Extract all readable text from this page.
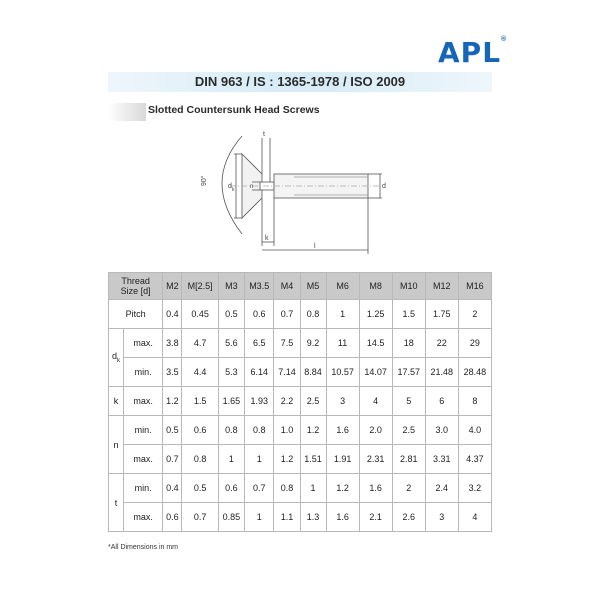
APL®
DIN 963 / IS : 1365-1978 / ISO 2009
Slotted Countersunk Head Screws
t
n
d k
90°
d
k
l
Thread
Size [d]		M2	M[2.5]	M3	M3.5	M4	M5	M6	M8	M10	M12	M16
Pitch		0.4	0.45	0.5	0.6	0.7	0.8	1	1.25	1.5	1.75	2
$d_k$	max.	3.8	4.7	5.6	6.5	7.5	9.2	11	14.5	18	22	29
	min.	3.5	4.4	5.3	6.14	7.14	8.84	10.57	14.07	17.57	21.48	28.48
k	max.	1.2	1.5	1.65	1.93	2.2	2.5	3	4	5	6	8
n	min.	0.5	0.6	0.8	0.8	1.0	1.2	1.6	2.0	2.5	3.0	4.0
	max.	0.7	0.8	1	1	1.2	1.51	1.91	2.31	2.81	3.31	4.37
t	min.	0.4	0.5	0.6	0.7	0.8	1	1.2	1.6	2	2.4	3.2
	max.	0.6	0.7	0.85	1	1.1	1.3	1.6	2.1	2.6	3	4
*All Dimensions in mm
